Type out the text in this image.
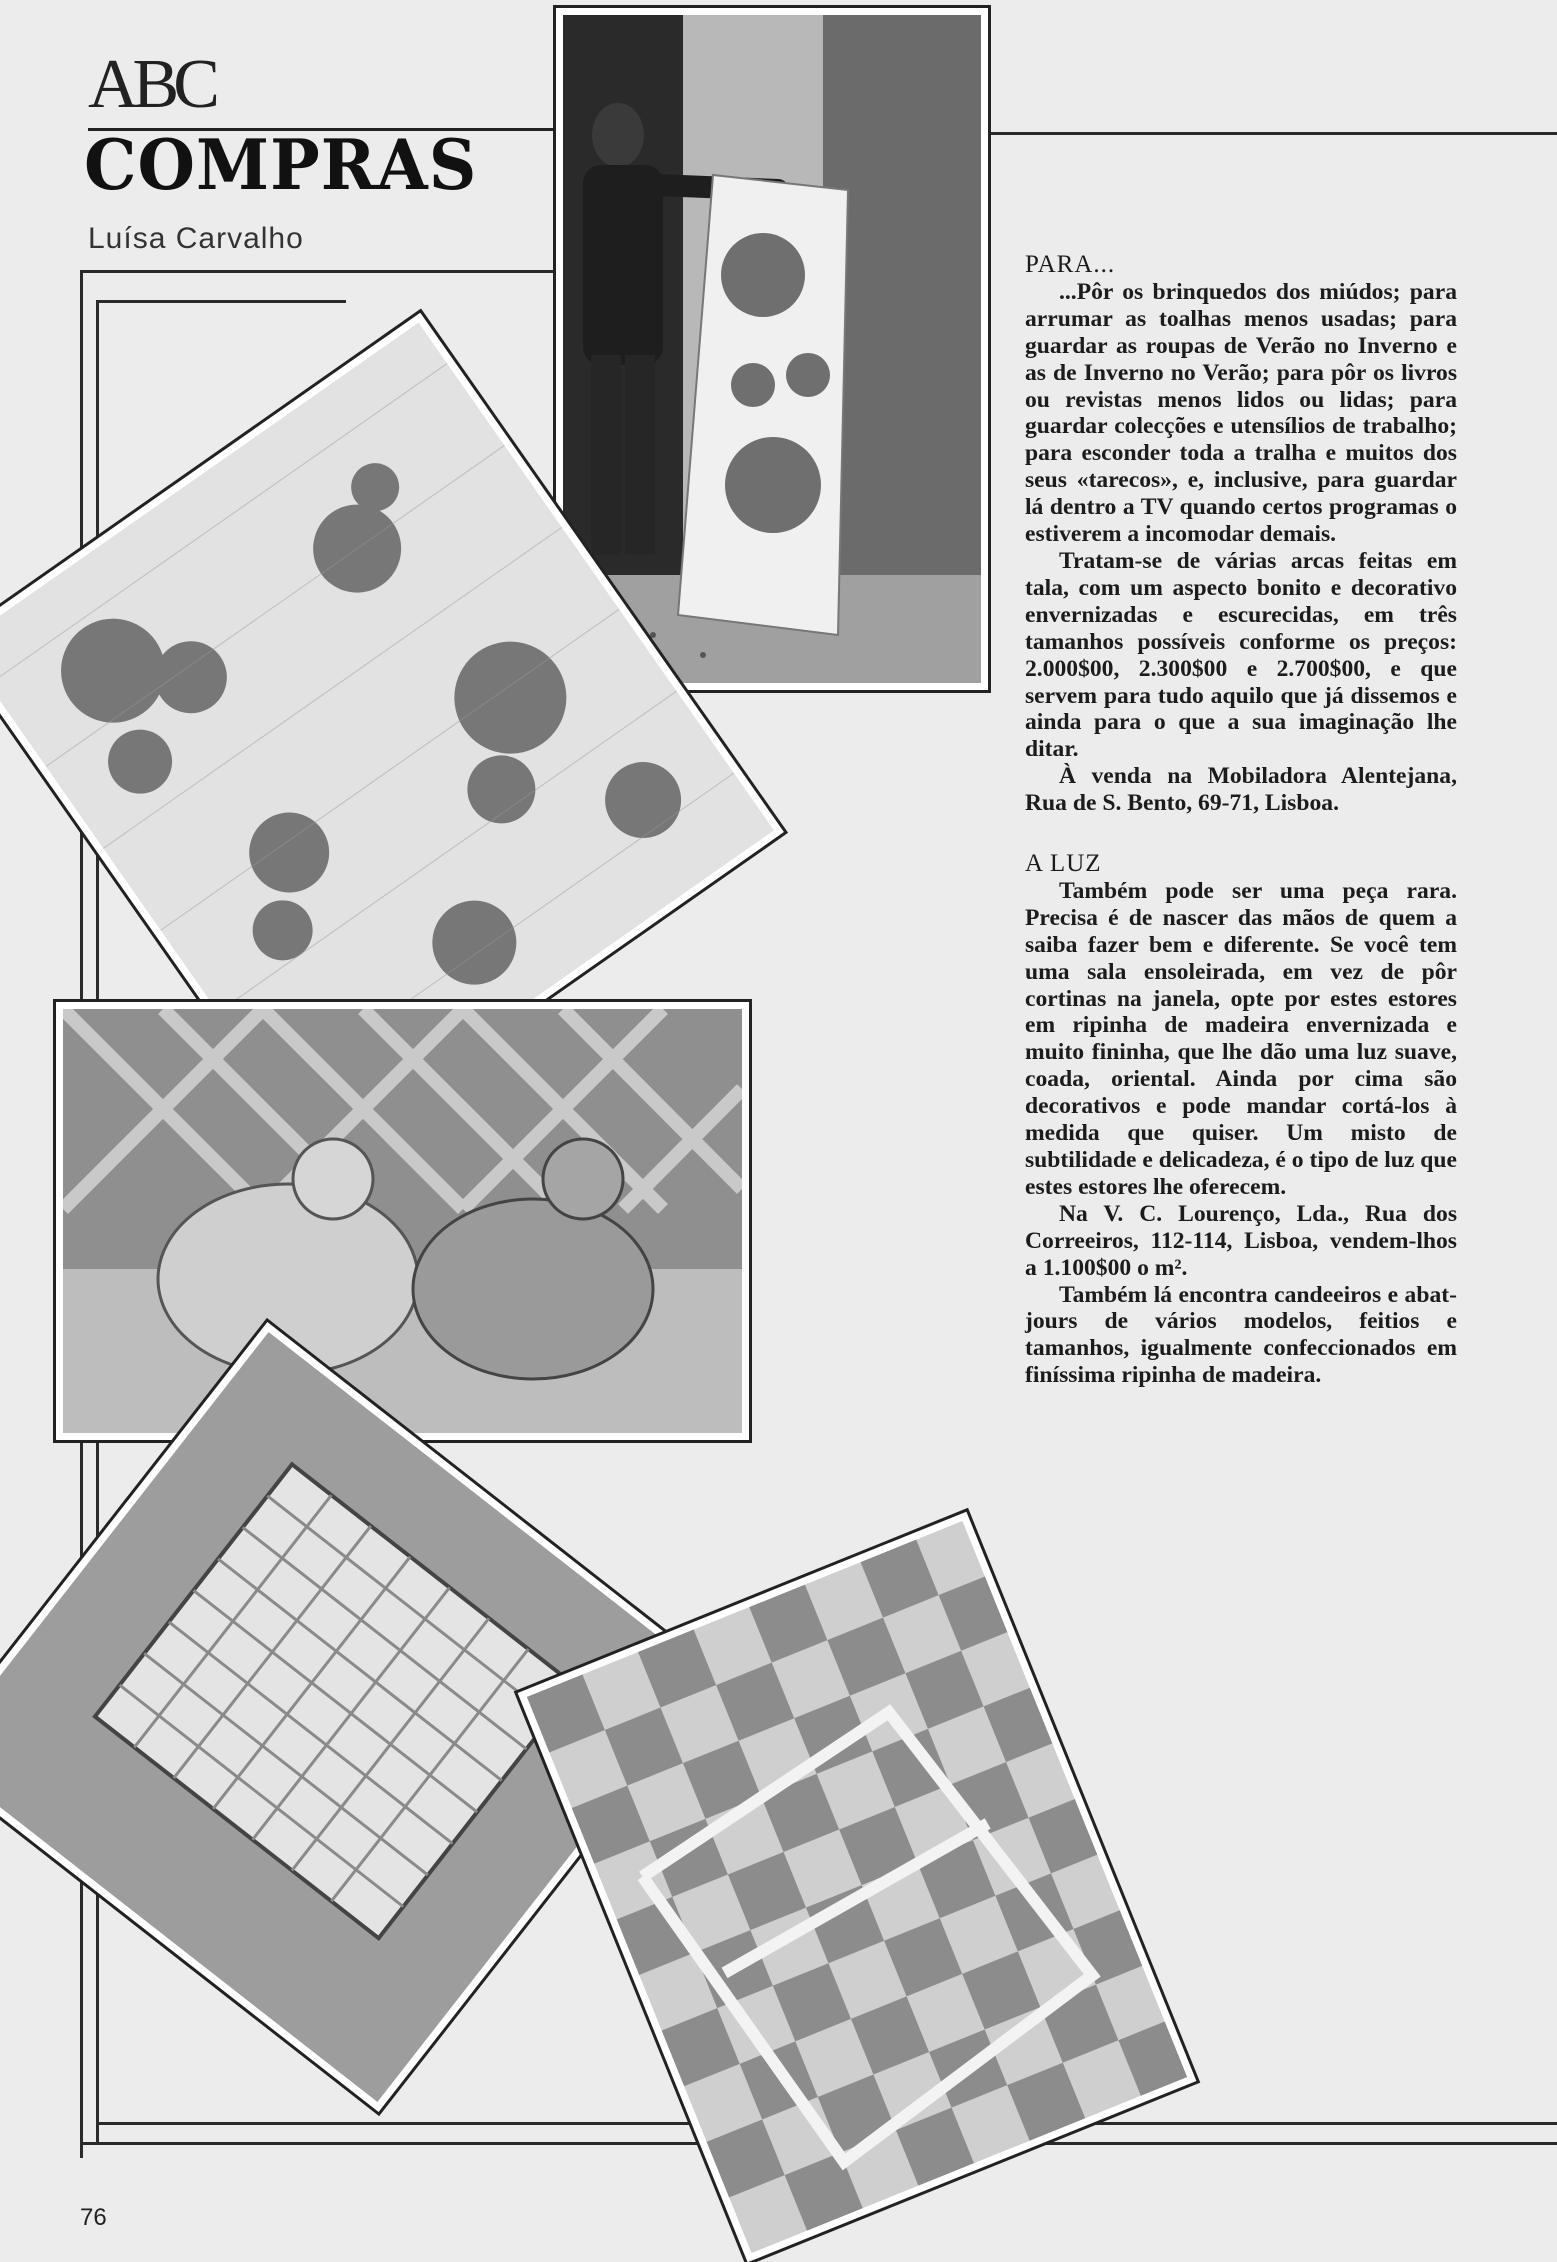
ABC
COMPRAS
Luísa Carvalho
PARA...

...Pôr os brinquedos dos miúdos; para arrumar as toalhas menos usadas; para guardar as roupas de Verão no Inverno e as de Inverno no Verão; para pôr os livros ou revistas menos lidos ou lidas; para guardar colecções e utensílios de trabalho; para esconder toda a tralha e muitos dos seus «tarecos», e, inclusive, para guardar lá dentro a TV quando certos programas o estiverem a incomodar demais.

Tratam-se de várias arcas feitas em tala, com um aspecto bonito e decorativo envernizadas e escurecidas, em três tamanhos possíveis conforme os preços: 2.000$00, 2.300$00 e 2.700$00, e que servem para tudo aquilo que já dissemos e ainda para o que a sua imaginação lhe ditar.

À venda na Mobiladora Alentejana, Rua de S. Bento, 69-71, Lisboa.

A LUZ

Também pode ser uma peça rara. Precisa é de nascer das mãos de quem a saiba fazer bem e diferente. Se você tem uma sala ensoleirada, em vez de pôr cortinas na janela, opte por estes estores em ripinha de madeira envernizada e muito fininha, que lhe dão uma luz suave, coada, oriental. Ainda por cima são decorativos e pode mandar cortá-los à medida que quiser. Um misto de subtilidade e delicadeza, é o tipo de luz que estes estores lhe oferecem.

Na V. C. Lourenço, Lda., Rua dos Correeiros, 112-114, Lisboa, vendem-lhos a 1.100$00 o m².

Também lá encontra candeeiros e abat-jours de vários modelos, feitios e tamanhos, igualmente confeccionados em finíssima ripinha de madeira.

76
